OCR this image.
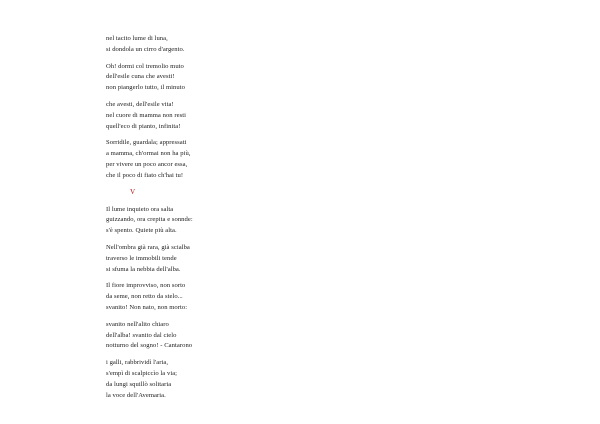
nel tacito lume di luna,
si dondola un cirro d'argento.
Oh! dormi col tremolio muto
dell'esile cuna che avesti!
non piangerlo tutto, il minuto
che avesti, dell'esile vita!
nel cuore di mamma non resti
quell'eco di pianto, infinita!
Sorridile, guardala; appressati
a mamma, ch'ormai non ha più,
per vivere un poco ancor essa,
che il poco di fiato ch'hai tu!
V
Il lume inquieto ora salta
guizzando, ora crepita e sonnde:
s'è spento. Quiete più alta.
Nell'ombra già rara, già scialba
traverso le immobili tende
si sfuma la nebbia dell'alba.
Il fiore improvviso, non sorto
da seme, non retto da stelo...
svanito! Non nato, non morto:
svanito nell'alito chiaro
dell'alba! svanito dal cielo
notturno del sogno! - Cantarono
i galli, rabbrividì l'aria,
s'empì di scalpiccìo la via;
da lungi squillò solitaria
la voce dell'Avemaria.
